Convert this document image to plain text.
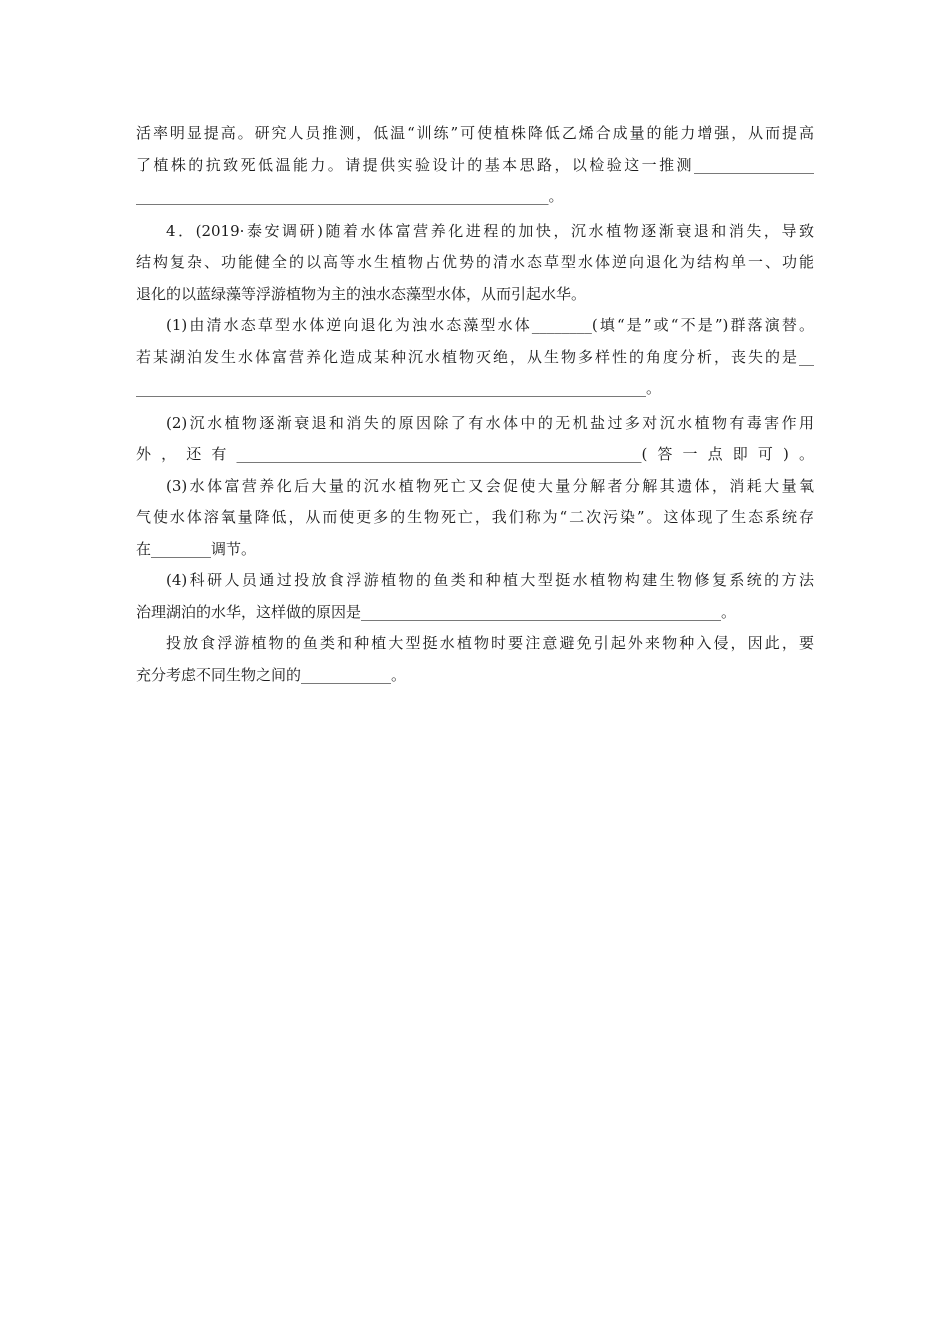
活率明显提高。研究人员推测，低温“训练”可使植株降低乙烯合成量的能力增强，从而提高

了植株的抗致死低温能力。请提供实验设计的基本思路，以检验这一推测________________

_______________________________________________________。

4．(2019·泰安调研)随着水体富营养化进程的加快，沉水植物逐渐衰退和消失，导致

结构复杂、功能健全的以高等水生植物占优势的清水态草型水体逆向退化为结构单一、功能

退化的以蓝绿藻等浮游植物为主的浊水态藻型水体，从而引起水华。

(1)由清水态草型水体逆向退化为浊水态藻型水体________(填“是”或“不是”)群落演替。

若某湖泊发生水体富营养化造成某种沉水植物灭绝，从生物多样性的角度分析，丧失的是__

____________________________________________________________________。

(2)沉水植物逐渐衰退和消失的原因除了有水体中的无机盐过多对沉水植物有毒害作用

外，还有______________________________________________________(答一点即可)。

(3)水体富营养化后大量的沉水植物死亡又会促使大量分解者分解其遗体，消耗大量氧

气使水体溶氧量降低，从而使更多的生物死亡，我们称为“二次污染”。这体现了生态系统存

在________调节。

(4)科研人员通过投放食浮游植物的鱼类和种植大型挺水植物构建生物修复系统的方法

治理湖泊的水华，这样做的原因是________________________________________________。

投放食浮游植物的鱼类和种植大型挺水植物时要注意避免引起外来物种入侵，因此，要

充分考虑不同生物之间的____________。
